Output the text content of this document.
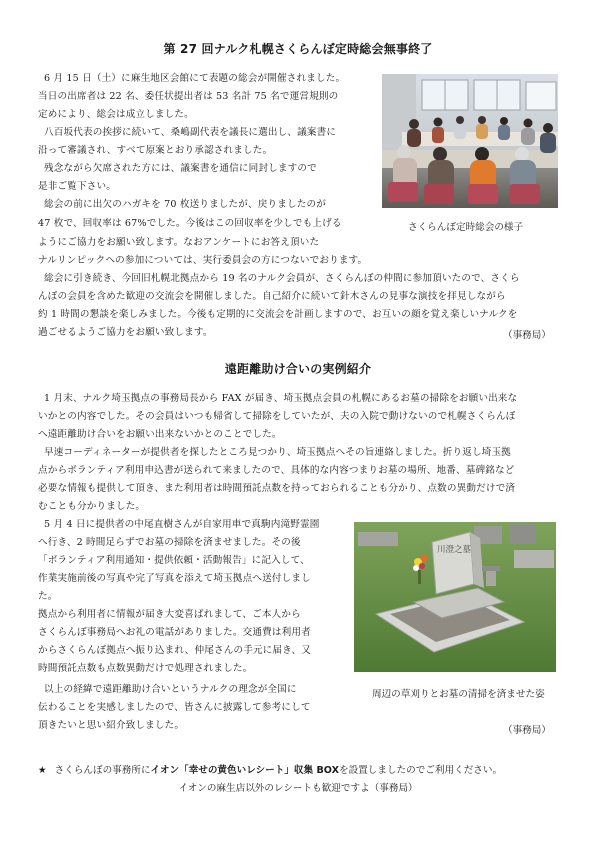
第 27 回ナルク札幌さくらんぼ定時総会無事終了

6 月 15 日（土）に麻生地区会館にて表題の総会が開催されました。

当日の出席者は 22 名、委任状提出者は 53 名計 75 名で運営規則の

定めにより、総会は成立しました。

八百坂代表の挨拶に続いて、桑嶋副代表を議長に選出し、議案書に

沿って審議され、すべて原案とおり承認されました。

残念ながら欠席された方には、議案書を通信に同封しますので

是非ご覧下さい。

総会の前に出欠のハガキを 70 枚送りましたが、戻りましたのが

47 枚で、回収率は 67%でした。今後はこの回収率を少しでも上げる

ようにご協力をお願い致します。なおアンケートにお答え頂いた

ナルリンピックへの参加については、実行委員会の方につないでおります。

総会に引き続き、今回旧札幌北拠点から 19 名のナルク会員が、さくらんぼの仲間に参加頂いたので、さくら

んぼの会員を含めた歓迎の交流会を開催しました。自己紹介に続いて針木さんの見事な演技を拝見しながら

約 1 時間の懇談を楽しみました。今後も定期的に交流会を計画しますので、お互いの顔を覚え楽しいナルクを

過ごせるようご協力をお願い致します。	（事務局）
さくらんぼ定時総会の様子
遠距離助け合いの実例紹介

1 月末、ナルク埼玉拠点の事務局長から FAX が届き、埼玉拠点会員の札幌にあるお墓の掃除をお願い出来な

いかとの内容でした。その会員はいつも帰省して掃除をしていたが、夫の入院で動けないので札幌さくらんぼ

へ遠距離助け合いをお願い出来ないかとのことでした。

早速コーディネーターが提供者を探したところ見つかり、埼玉拠点へその旨連絡しました。折り返し埼玉拠

点からボランティア利用申込書が送られて来ましたので、具体的な内容つまりお墓の場所、地番、墓碑銘など

必要な情報も提供して頂き、また利用者は時間預託点数を持っておられることも分かり、点数の異動だけで済

むことも分かりました。

5 月 4 日に提供者の中尾直樹さんが自家用車で真駒内滝野霊園

へ行き、2 時間足らずでお墓の掃除を済ませました。その後

「ボランティア利用通知・提供依頼・活動報告」に記入して、

作業実施前後の写真や完了写真を添えて埼玉拠点へ送付しまし

た。

拠点から利用者に情報が届き大変喜ばれまして、ご本人から

さくらんぼ事務局へお礼の電話がありました。交通費は利用者

からさくらんぼ拠点へ振り込まれ、仲尾さんの手元に届き、又

時間預託点数も点数異動だけで処理されました。

以上の経緯で遠距離助け合いというナルクの理念が全国に

伝わることを実感しましたので、皆さんに披露して参考にして

頂きたいと思い紹介致しました。	（事務局）
川澄之墓
周辺の草刈りとお墓の清掃を済ませた姿
★ さくらんぼの事務所にイオン「幸せの黄色いレシート」収集 BOXを設置しましたのでご利用ください。
イオンの麻生店以外のレシートも歓迎ですよ（事務局）
